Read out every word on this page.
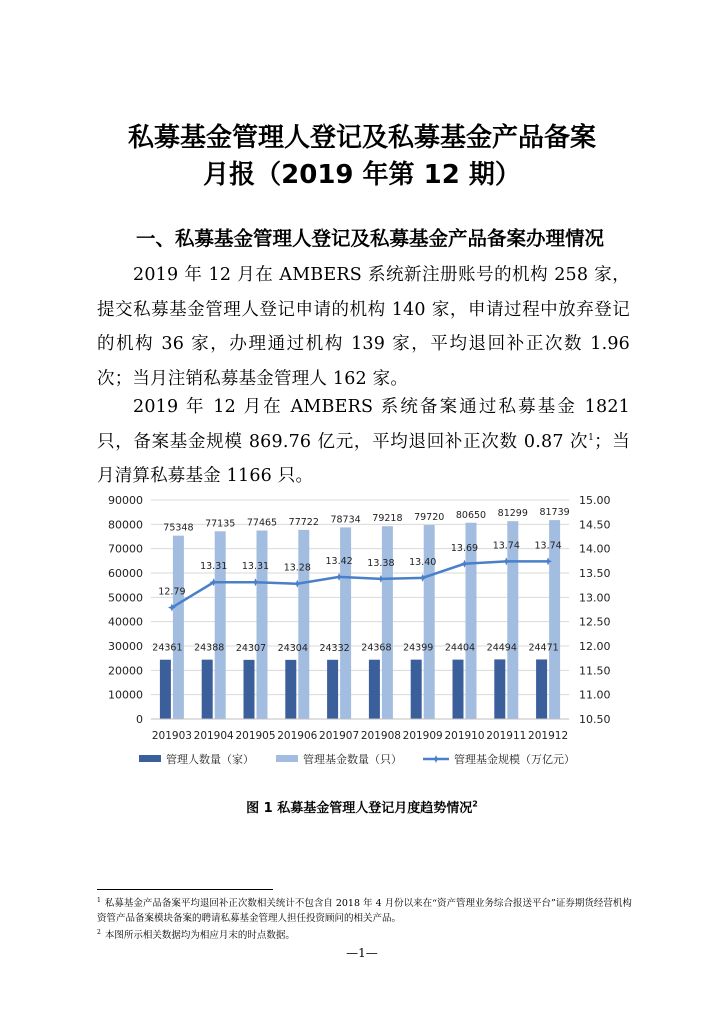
私募基金管理人登记及私募基金产品备案
月报（2019 年第 12 期）
一、私募基金管理人登记及私募基金产品备案办理情况
2019 年 12 月在 AMBERS 系统新注册账号的机构 258 家，提交私募基金管理人登记申请的机构 140 家，申请过程中放弃登记的机构 36 家，办理通过机构 139 家，平均退回补正次数 1.96 次；当月注销私募基金管理人 162 家。
2019 年 12 月在 AMBERS 系统备案通过私募基金 1821 只，备案基金规模 869.76 亿元，平均退回补正次数 0.87 次$^1$；当月清算私募基金 1166 只。
24361
75348
24388
77135
24307
77465
24304
77722
24332
78734
24368
79218
24399
79720
24404
80650
24494
81299
24471
81739
12.79
13.31 13.31 13.28
13.42 13.38 13.40
13.69 13.74 13.74
0
10000
20000
30000
40000
50000
60000
70000
80000
90000
10.50
11.00
11.50
12.00
12.50
13.00
13.50
14.00
14.50
15.00
201903 201904 201905 201906 201907 201908 201909 201910 201911 201912
管理人数量（家）	管理基金数量（只）	管理基金规模（万亿元）
图 1 私募基金管理人登记月度趋势情况$^2$
$^1$ 私募基金产品备案平均退回补正次数相关统计不包含自 2018 年 4 月份以来在“资产管理业务综合报送平台”证券期货经营机构资管产品备案模块备案的聘请私募基金管理人担任投资顾问的相关产品。
$^2$ 本图所示相关数据均为相应月末的时点数据。
—1—
